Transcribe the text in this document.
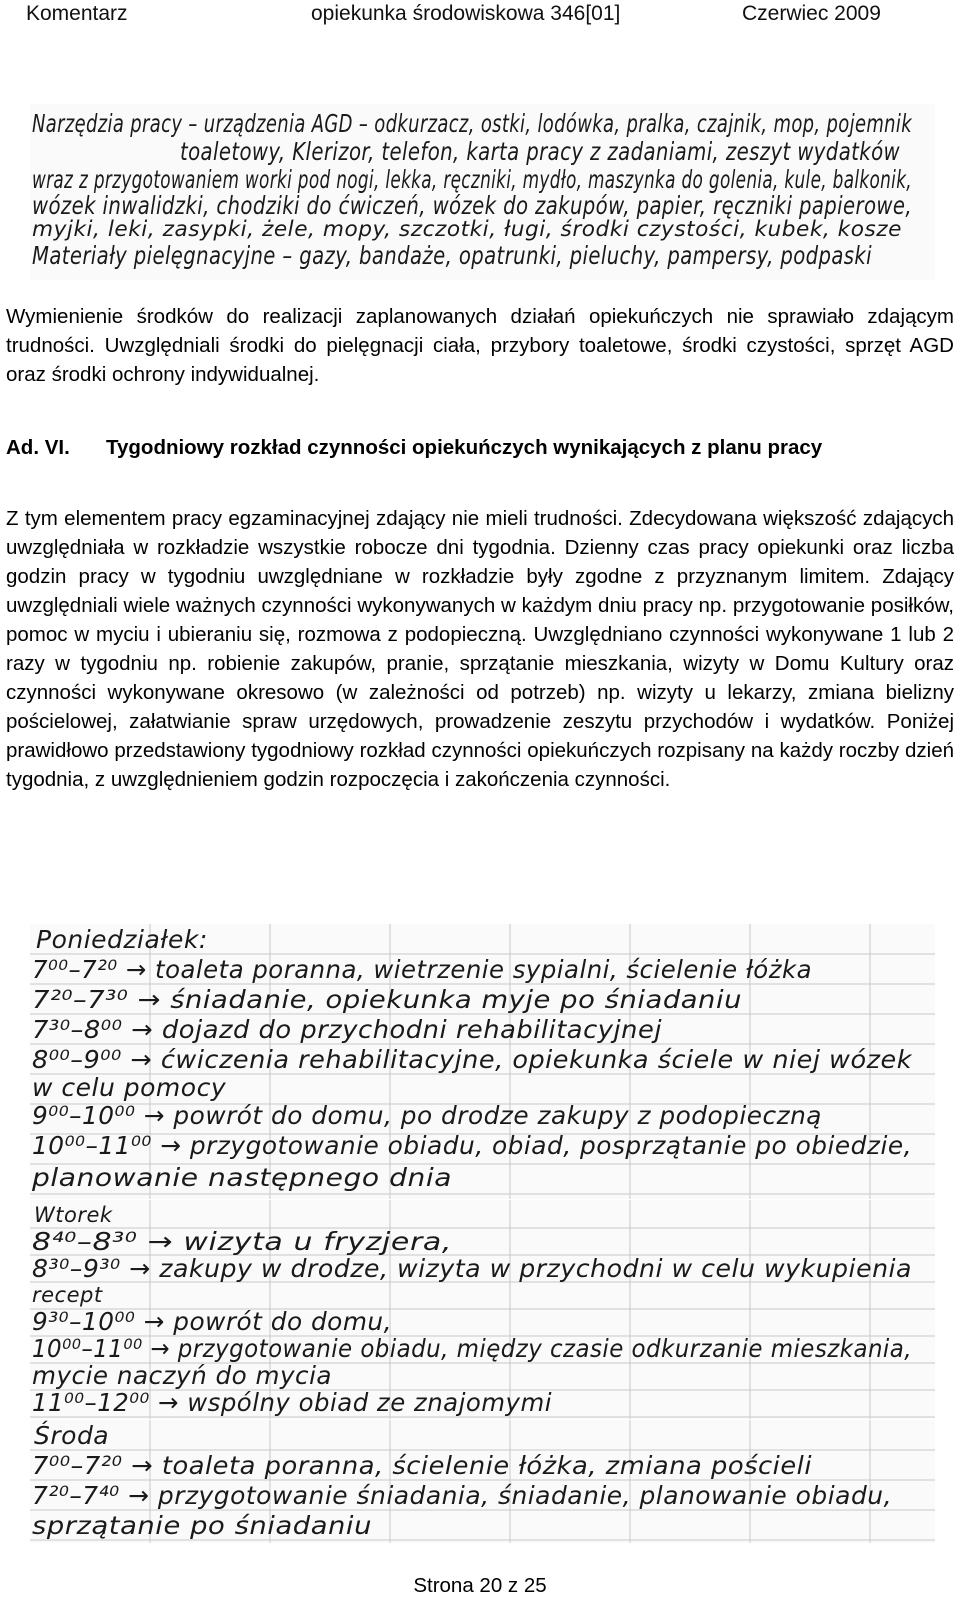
Komentarz	opiekunka środowiskowa 346[01]	Czerwiec 2009
Narzędzia pracy – urządzenia AGD – odkurzacz, ostki, lodówka, pralka, czajnik, mop, pojemnik
toaletowy, Klerizor, telefon, karta pracy z zadaniami, zeszyt wydatków
wraz z przygotowaniem worki pod nogi, lekka, ręczniki, mydło, maszynka do golenia, kule, balkonik,
wózek inwalidzki, chodziki do ćwiczeń, wózek do zakupów, papier, ręczniki papierowe,
myjki, leki, zasypki, żele, mopy, szczotki, ługi, środki czystości, kubek, kosze
Materiały pielęgnacyjne – gazy, bandaże, opatrunki, pieluchy, pampersy, podpaski
Wymienienie środków do realizacji zaplanowanych działań opiekuńczych nie sprawiało zdającym trudności. Uwzględniali środki do pielęgnacji ciała, przybory toaletowe, środki czystości, sprzęt AGD oraz środki ochrony indywidualnej.
Ad. VI. Tygodniowy rozkład czynności opiekuńczych wynikających z planu pracy
Z tym elementem pracy egzaminacyjnej zdający nie mieli trudności. Zdecydowana większość zdających uwzględniała w rozkładzie wszystkie robocze dni tygodnia. Dzienny czas pracy opiekunki oraz liczba godzin pracy w tygodniu uwzględniane w rozkładzie były zgodne z przyznanym limitem. Zdający uwzględniali wiele ważnych czynności wykonywanych w każdym dniu pracy np. przygotowanie posiłków, pomoc w myciu i ubieraniu się, rozmowa z podopieczną. Uwzględniano czynności wykonywane 1 lub 2 razy w tygodniu np. robienie zakupów, pranie, sprzątanie mieszkania, wizyty w Domu Kultury oraz czynności wykonywane okresowo (w zależności od potrzeb) np. wizyty u lekarzy, zmiana bielizny pościelowej, załatwianie spraw urzędowych, prowadzenie zeszytu przychodów i wydatków. Poniżej prawidłowo przedstawiony tygodniowy rozkład czynności opiekuńczych rozpisany na każdy roczby dzień tygodnia, z uwzględnieniem godzin rozpoczęcia i zakończenia czynności.
Poniedziałek:
7⁰⁰–7²⁰ → toaleta poranna, wietrzenie sypialni, ścielenie łóżka
7²⁰–7³⁰ → śniadanie, opiekunka myje po śniadaniu
7³⁰–8⁰⁰ → dojazd do przychodni rehabilitacyjnej
8⁰⁰–9⁰⁰ → ćwiczenia rehabilitacyjne, opiekunka ściele w niej wózek
w celu pomocy
9⁰⁰–10⁰⁰ → powrót do domu, po drodze zakupy z podopieczną
10⁰⁰–11⁰⁰ → przygotowanie obiadu, obiad, posprzątanie po obiedzie,
planowanie następnego dnia
Wtorek
8⁴⁰–8³⁰ → wizyta u fryzjera,
8³⁰–9³⁰ → zakupy w drodze, wizyta w przychodni w celu wykupienia
recept
9³⁰–10⁰⁰ → powrót do domu,
10⁰⁰–11⁰⁰ → przygotowanie obiadu, między czasie odkurzanie mieszkania,
mycie naczyń do mycia
11⁰⁰–12⁰⁰ → wspólny obiad ze znajomymi
Środa
7⁰⁰–7²⁰ → toaleta poranna, ścielenie łóżka, zmiana pościeli
7²⁰–7⁴⁰ → przygotowanie śniadania, śniadanie, planowanie obiadu,
sprzątanie po śniadaniu
Strona 20 z 25
